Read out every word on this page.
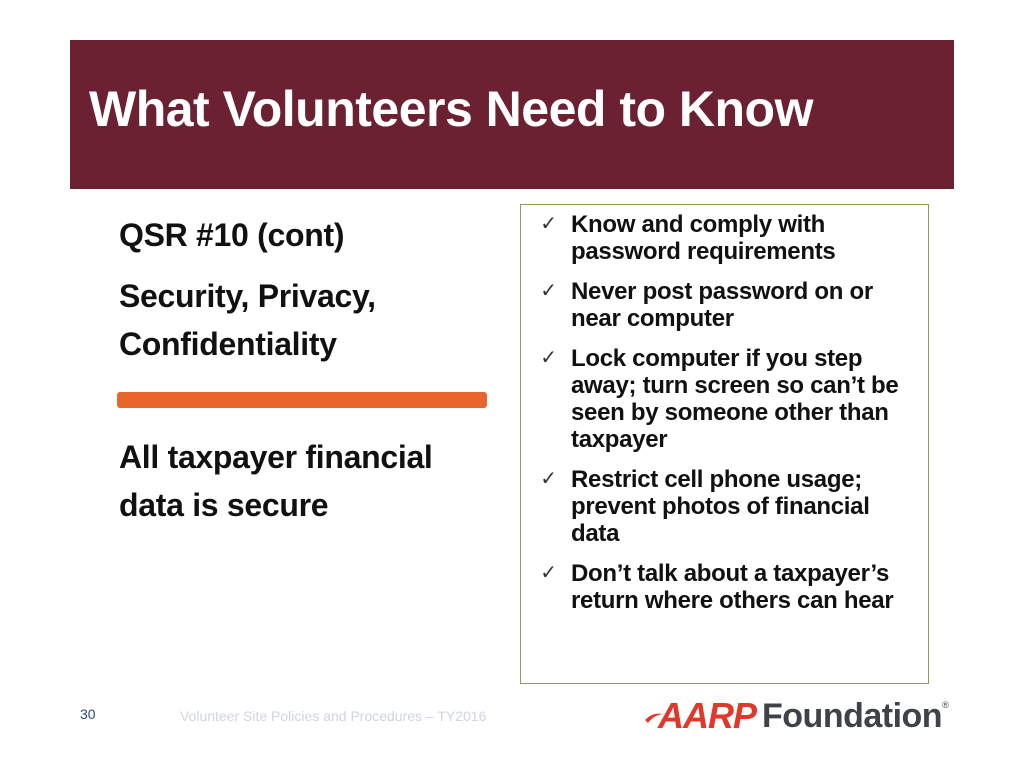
What Volunteers Need to Know

QSR #10 (cont)

Security, Privacy, Confidentiality

All taxpayer financial data is secure

✓ Know and comply with password requirements
✓ Never post password on or near computer
✓ Lock computer if you step away; turn screen so can’t be seen by someone other than taxpayer
✓ Restrict cell phone usage; prevent photos of financial data
✓ Don’t talk about a taxpayer’s return where others can hear
30	Volunteer Site Policies and Procedures – TY2016	AARP Foundation ®
